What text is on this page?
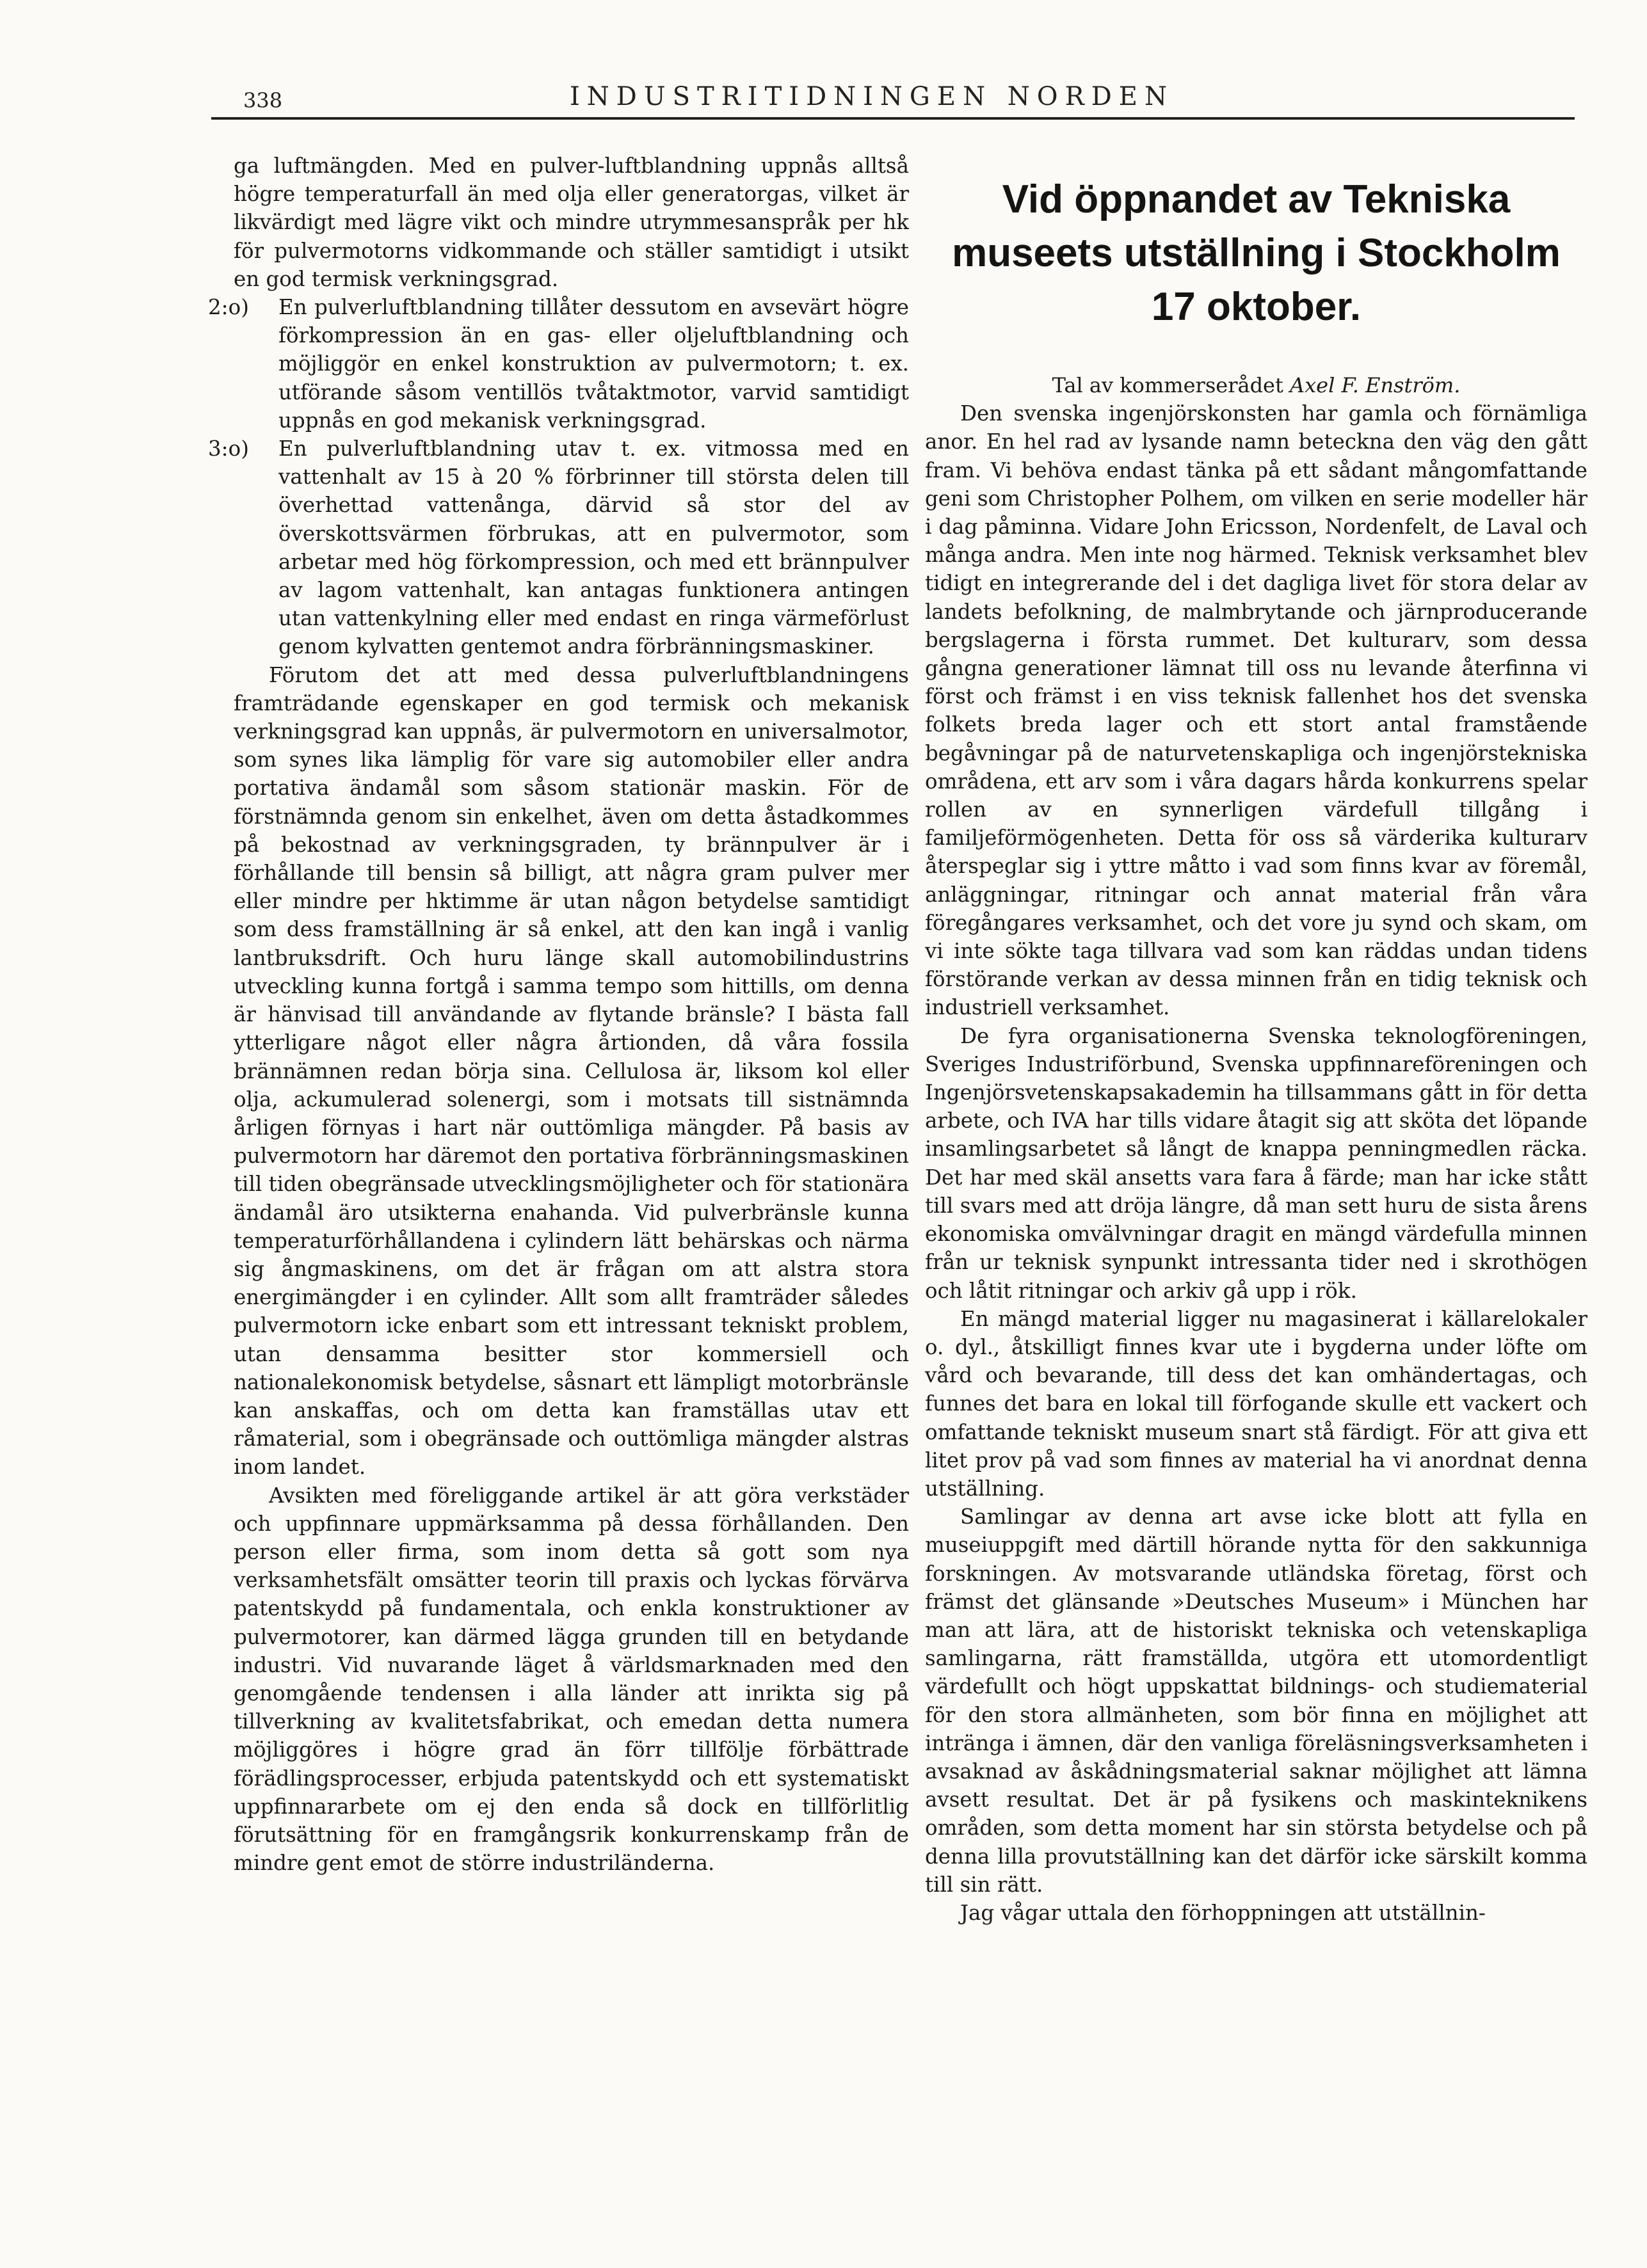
338	INDUSTRITIDNINGEN NORDEN

ga luftmängden. Med en pulver-luftblandning uppnås alltså högre temperaturfall än med olja eller generatorgas, vilket är likvärdigt med lägre vikt och mindre utrymmesanspråk per hk för pulvermotorns vidkommande och ställer samtidigt i utsikt en god termisk verkningsgrad.

2:o) En pulverluftblandning tillåter dessutom en avsevärt högre förkompression än en gas- eller oljeluftblandning och möjliggör en enkel konstruktion av pulvermotorn; t. ex. utförande såsom ventillös tvåtaktmotor, varvid samtidigt uppnås en god mekanisk verkningsgrad.

3:o) En pulverluftblandning utav t. ex. vitmossa med en vattenhalt av 15 à 20 % förbrinner till största delen till överhettad vattenånga, därvid så stor del av överskottsvärmen förbrukas, att en pulvermotor, som arbetar med hög förkompression, och med ett brännpulver av lagom vattenhalt, kan antagas funktionera antingen utan vattenkylning eller med endast en ringa värmeförlust genom kylvatten gentemot andra förbränningsmaskiner.

Förutom det att med dessa pulverluftblandningens framträdande egenskaper en god termisk och mekanisk verkningsgrad kan uppnås, är pulvermotorn en universalmotor, som synes lika lämplig för vare sig automobiler eller andra portativa ändamål som såsom stationär maskin. För de förstnämnda genom sin enkelhet, även om detta åstadkommes på bekostnad av verkningsgraden, ty brännpulver är i förhållande till bensin så billigt, att några gram pulver mer eller mindre per hktimme är utan någon betydelse samtidigt som dess framställning är så enkel, att den kan ingå i vanlig lantbruksdrift. Och huru länge skall automobilindustrins utveckling kunna fortgå i samma tempo som hittills, om denna är hänvisad till användande av flytande bränsle? I bästa fall ytterligare något eller några årtionden, då våra fossila brännämnen redan börja sina. Cellulosa är, liksom kol eller olja, ackumulerad solenergi, som i motsats till sistnämnda årligen förnyas i hart när outtömliga mängder. På basis av pulvermotorn har däremot den portativa förbränningsmaskinen till tiden obegränsade utvecklingsmöjligheter och för stationära ändamål äro utsikterna enahanda. Vid pulverbränsle kunna temperaturförhållandena i cylindern lätt behärskas och närma sig ångmaskinens, om det är frågan om att alstra stora energimängder i en cylinder. Allt som allt framträder således pulvermotorn icke enbart som ett intressant tekniskt problem, utan densamma besitter stor kommersiell och nationalekonomisk betydelse, såsnart ett lämpligt motorbränsle kan anskaffas, och om detta kan framställas utav ett råmaterial, som i obegränsade och outtömliga mängder alstras inom landet.

Avsikten med föreliggande artikel är att göra verkstäder och uppfinnare uppmärksamma på dessa förhållanden. Den person eller firma, som inom detta så gott som nya verksamhetsfält omsätter teorin till praxis och lyckas förvärva patentskydd på fundamentala, och enkla konstruktioner av pulvermotorer, kan därmed lägga grunden till en betydande industri. Vid nuvarande läget å världsmarknaden med den genomgående tendensen i alla länder att inrikta sig på tillverkning av kvalitetsfabrikat, och emedan detta numera möjliggöres i högre grad än förr tillfölje förbättrade förädlingsprocesser, erbjuda patentskydd och ett systematiskt uppfinnararbete om ej den enda så dock en tillförlitlig förutsättning för en framgångsrik konkurrenskamp från de mindre gent emot de större industriländerna.

Vid öppnandet av Tekniska museets utställning i Stockholm 17 oktober.

Tal av kommerserådet Axel F. Enström.

Den svenska ingenjörskonsten har gamla och förnämliga anor. En hel rad av lysande namn beteckna den väg den gått fram. Vi behöva endast tänka på ett sådant mångomfattande geni som Christopher Polhem, om vilken en serie modeller här i dag påminna. Vidare John Ericsson, Nordenfelt, de Laval och många andra. Men inte nog härmed. Teknisk verksamhet blev tidigt en integrerande del i det dagliga livet för stora delar av landets befolkning, de malmbrytande och järnproducerande bergslagerna i första rummet. Det kulturarv, som dessa gångna generationer lämnat till oss nu levande återfinna vi först och främst i en viss teknisk fallenhet hos det svenska folkets breda lager och ett stort antal framstående begåvningar på de naturvetenskapliga och ingenjörstekniska områdena, ett arv som i våra dagars hårda konkurrens spelar rollen av en synnerligen värdefull tillgång i familjeförmögenheten. Detta för oss så värderika kulturarv återspeglar sig i yttre måtto i vad som finns kvar av föremål, anläggningar, ritningar och annat material från våra föregångares verksamhet, och det vore ju synd och skam, om vi inte sökte taga tillvara vad som kan räddas undan tidens förstörande verkan av dessa minnen från en tidig teknisk och industriell verksamhet.

De fyra organisationerna Svenska teknologföreningen, Sveriges Industriförbund, Svenska uppfinnareföreningen och Ingenjörsvetenskapsakademin ha tillsammans gått in för detta arbete, och IVA har tills vidare åtagit sig att sköta det löpande insamlingsarbetet så långt de knappa penningmedlen räcka. Det har med skäl ansetts vara fara å färde; man har icke stått till svars med att dröja längre, då man sett huru de sista årens ekonomiska omvälvningar dragit en mängd värdefulla minnen från ur teknisk synpunkt intressanta tider ned i skrothögen och låtit ritningar och arkiv gå upp i rök.

En mängd material ligger nu magasinerat i källarelokaler o. dyl., åtskilligt finnes kvar ute i bygderna under löfte om vård och bevarande, till dess det kan omhändertagas, och funnes det bara en lokal till förfogande skulle ett vackert och omfattande tekniskt museum snart stå färdigt. För att giva ett litet prov på vad som finnes av material ha vi anordnat denna utställning.

Samlingar av denna art avse icke blott att fylla en museiuppgift med därtill hörande nytta för den sakkunniga forskningen. Av motsvarande utländska företag, först och främst det glänsande »Deutsches Museum» i München har man att lära, att de historiskt tekniska och vetenskapliga samlingarna, rätt framställda, utgöra ett utomordentligt värdefullt och högt uppskattat bildnings- och studiematerial för den stora allmänheten, som bör finna en möjlighet att intränga i ämnen, där den vanliga föreläsningsverksamheten i avsaknad av åskådningsmaterial saknar möjlighet att lämna avsett resultat. Det är på fysikens och maskinteknikens områden, som detta moment har sin största betydelse och på denna lilla provutställning kan det därför icke särskilt komma till sin rätt.

Jag vågar uttala den förhoppningen att utställnin-
